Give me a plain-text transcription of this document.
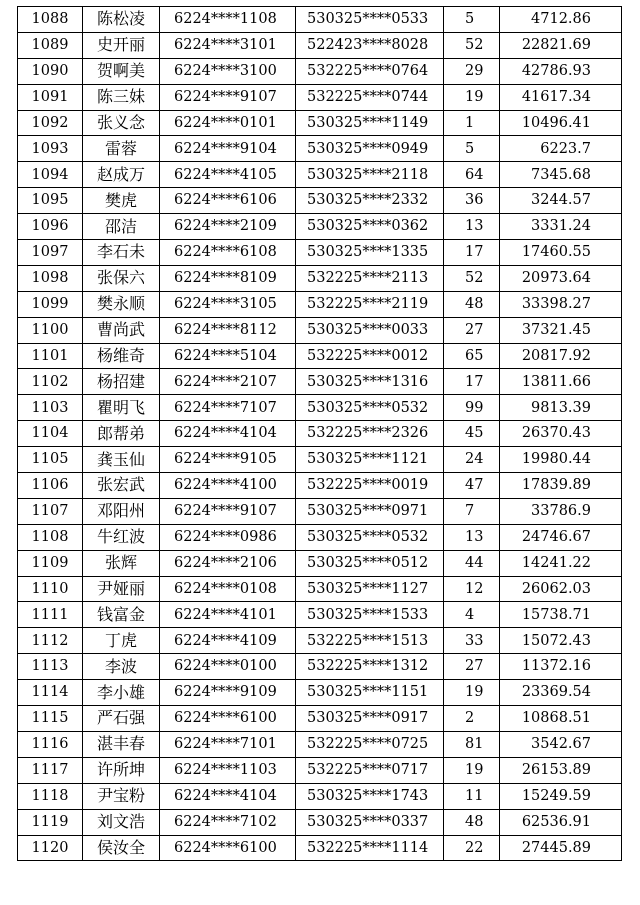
1088	陈松凌	6224****1108	530325****0533	5	4712.86
1089	史开丽	6224****3101	522423****8028	52	22821.69
1090	贺啊美	6224****3100	532225****0764	29	42786.93
1091	陈三妹	6224****9107	532225****0744	19	41617.34
1092	张义念	6224****0101	530325****1149	1	10496.41
1093	雷蓉	6224****9104	530325****0949	5	6223.7
1094	赵成万	6224****4105	530325****2118	64	7345.68
1095	樊虎	6224****6106	530325****2332	36	3244.57
1096	邵洁	6224****2109	530325****0362	13	3331.24
1097	李石未	6224****6108	530325****1335	17	17460.55
1098	张保六	6224****8109	532225****2113	52	20973.64
1099	樊永顺	6224****3105	532225****2119	48	33398.27
1100	曹尚武	6224****8112	530325****0033	27	37321.45
1101	杨维奇	6224****5104	532225****0012	65	20817.92
1102	杨招建	6224****2107	530325****1316	17	13811.66
1103	瞿明飞	6224****7107	530325****0532	99	9813.39
1104	郎帮弟	6224****4104	532225****2326	45	26370.43
1105	龚玉仙	6224****9105	530325****1121	24	19980.44
1106	张宏武	6224****4100	532225****0019	47	17839.89
1107	邓阳州	6224****9107	530325****0971	7	33786.9
1108	牛红波	6224****0986	530325****0532	13	24746.67
1109	张辉	6224****2106	530325****0512	44	14241.22
1110	尹娅丽	6224****0108	530325****1127	12	26062.03
1111	钱富金	6224****4101	530325****1533	4	15738.71
1112	丁虎	6224****4109	532225****1513	33	15072.43
1113	李波	6224****0100	532225****1312	27	11372.16
1114	李小雄	6224****9109	530325****1151	19	23369.54
1115	严石强	6224****6100	530325****0917	2	10868.51
1116	湛丰春	6224****7101	532225****0725	81	3542.67
1117	许所坤	6224****1103	532225****0717	19	26153.89
1118	尹宝粉	6224****4104	530325****1743	11	15249.59
1119	刘文浩	6224****7102	530325****0337	48	62536.91
1120	侯汝全	6224****6100	532225****1114	22	27445.89
